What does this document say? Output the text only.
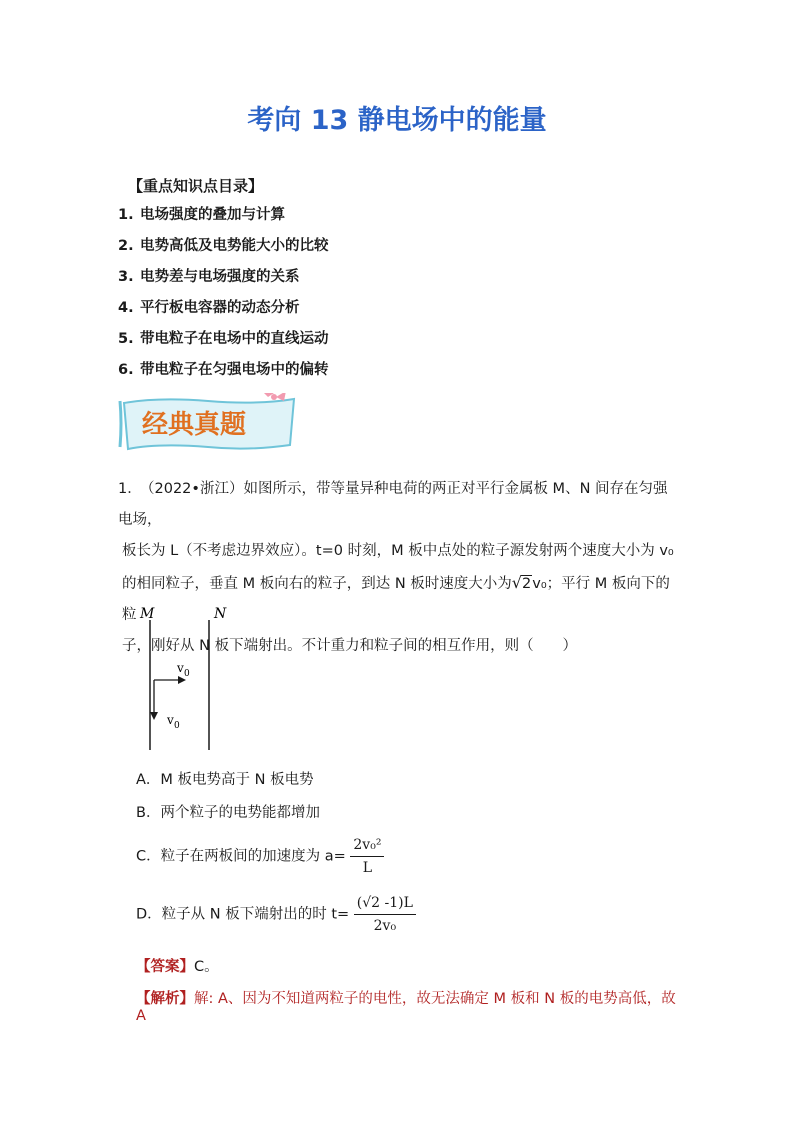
考向 13 静电场中的能量
【重点知识点目录】
1. 电场强度的叠加与计算
2. 电势高低及电势能大小的比较
3. 电势差与电场强度的关系
4. 平行板电容器的动态分析
5. 带电粒子在电场中的直线运动
6. 带电粒子在匀强电场中的偏转
经典真题

1．（2022•浙江）如图所示，带等量异种电荷的两正对平行金属板 M、N 间存在匀强电场，

板长为 L（不考虑边界效应）。t=0 时刻，M 板中点处的粒子源发射两个速度大小为 v₀

的相同粒子，垂直 M 板向右的粒子，到达 N 板时速度大小为√2v₀；平行 M 板向下的粒

子，刚好从 N 板下端射出。不计重力和粒子间的相互作用，则（　　）

M	N
v 0
v 0
A．M 板电势高于 N 板电势
B．两个粒子的电势能都增加
C．粒子在两板间的加速度为 $a= \frac{\text{2v₀²}}{L}$
D．粒子从 N 板下端射出的时 $t= \frac{(√2 -1)L}{\text{2v₀}}$
【答案】C。
【解析】解: A、因为不知道两粒子的电性，故无法确定 M 板和 N 板的电势高低，故 A
